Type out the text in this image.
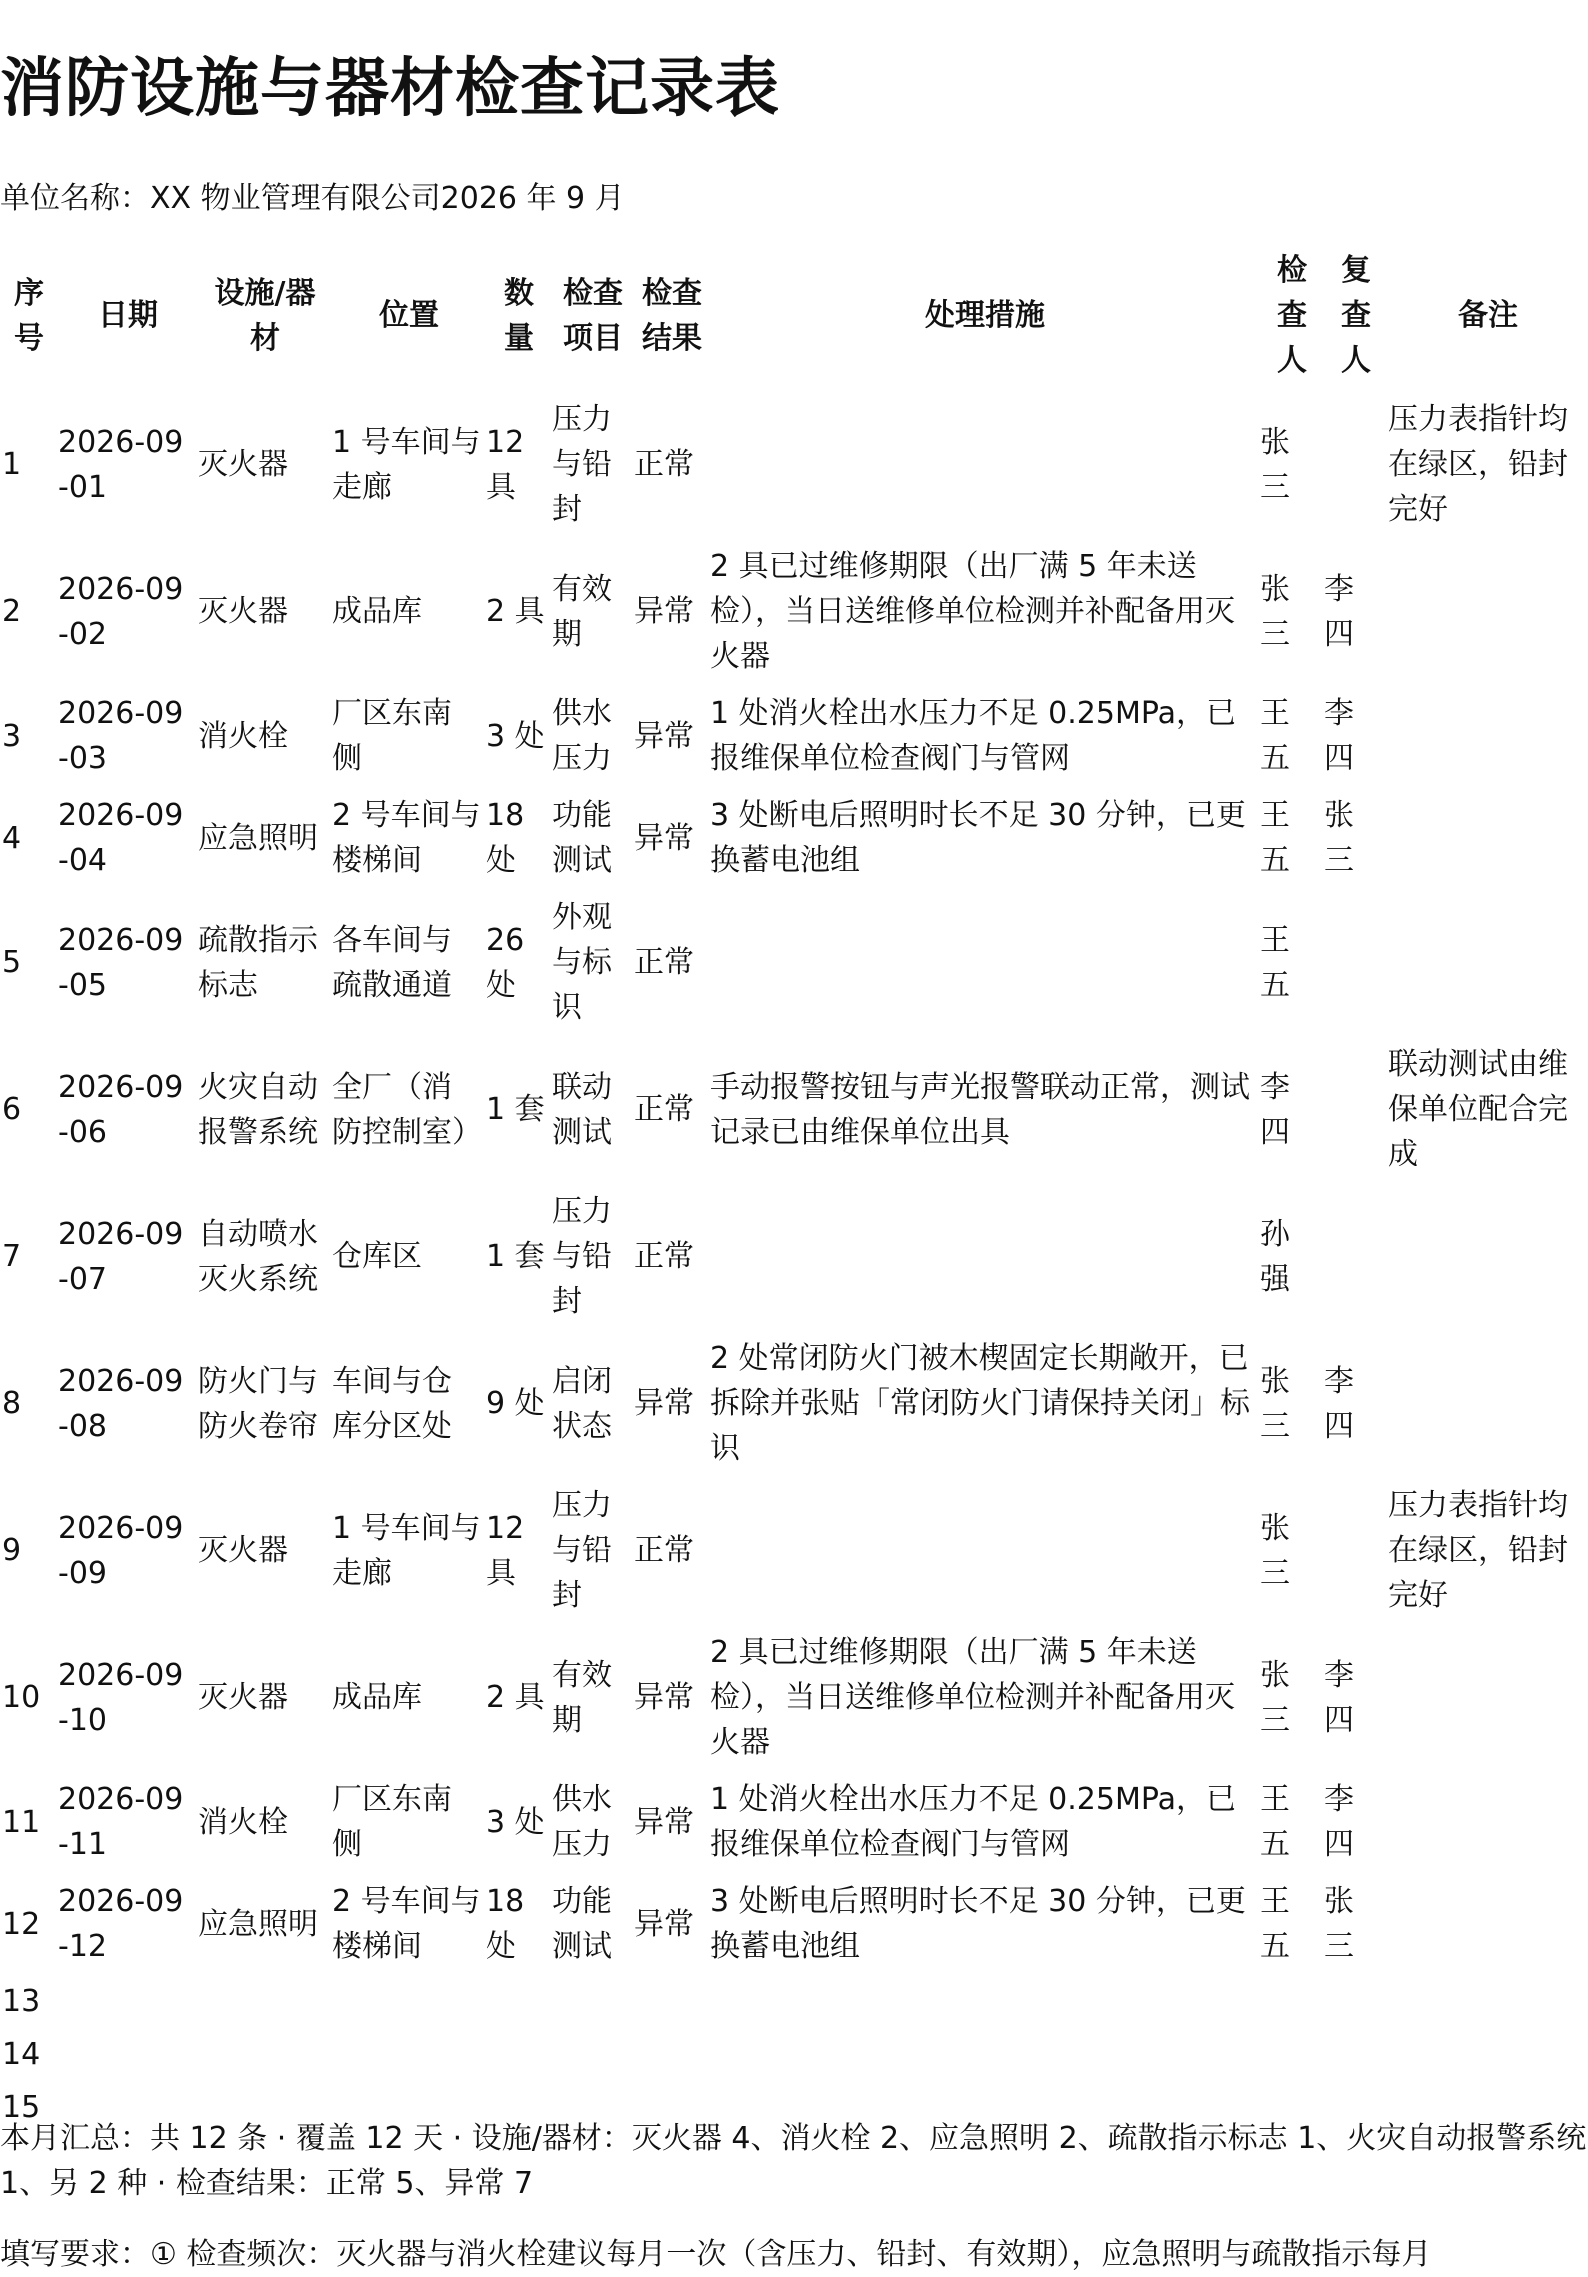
消防设施与器材检查记录表
单位名称：XX 物业管理有限公司2026 年 9 月
序号	日期	设施/器材	位置	数量	检查项目	检查结果	处理措施	检查人	复查人	备注
1	2026-09-01	灭火器	1 号车间与走廊	12 具	压力与铅封	正常		张三		压力表指针均在绿区，铅封完好
2	2026-09-02	灭火器	成品库	2 具	有效期	异常	2 具已过维修期限（出厂满 5 年未送检），当日送维修单位检测并补配备用灭火器	张三	李四	
3	2026-09-03	消火栓	厂区东南侧	3 处	供水压力	异常	1 处消火栓出水压力不足 0.25MPa，已报维保单位检查阀门与管网	王五	李四	
4	2026-09-04	应急照明	2 号车间与楼梯间	18 处	功能测试	异常	3 处断电后照明时长不足 30 分钟，已更换蓄电池组	王五	张三	
5	2026-09-05	疏散指示标志	各车间与疏散通道	26 处	外观与标识	正常		王五		
6	2026-09-06	火灾自动报警系统	全厂（消防控制室）	1 套	联动测试	正常	手动报警按钮与声光报警联动正常，测试记录已由维保单位出具	李四		联动测试由维保单位配合完成
7	2026-09-07	自动喷水灭火系统	仓库区	1 套	压力与铅封	正常		孙强		
8	2026-09-08	防火门与防火卷帘	车间与仓库分区处	9 处	启闭状态	异常	2 处常闭防火门被木楔固定长期敞开，已拆除并张贴「常闭防火门请保持关闭」标识	张三	李四	
9	2026-09-09	灭火器	1 号车间与走廊	12 具	压力与铅封	正常		张三		压力表指针均在绿区，铅封完好
10	2026-09-10	灭火器	成品库	2 具	有效期	异常	2 具已过维修期限（出厂满 5 年未送检），当日送维修单位检测并补配备用灭火器	张三	李四	
11	2026-09-11	消火栓	厂区东南侧	3 处	供水压力	异常	1 处消火栓出水压力不足 0.25MPa，已报维保单位检查阀门与管网	王五	李四	
12	2026-09-12	应急照明	2 号车间与楼梯间	18 处	功能测试	异常	3 处断电后照明时长不足 30 分钟，已更换蓄电池组	王五	张三	
13										
14										
15										
本月汇总：共 12 条 · 覆盖 12 天 · 设施/器材：灭火器 4、消火栓 2、应急照明 2、疏散指示标志 1、火灾自动报警系统 1、另 2 种 · 检查结果：正常 5、异常 7
填写要求：① 检查频次：灭火器与消火栓建议每月一次（含压力、铅封、有效期），应急照明与疏散指示每月
